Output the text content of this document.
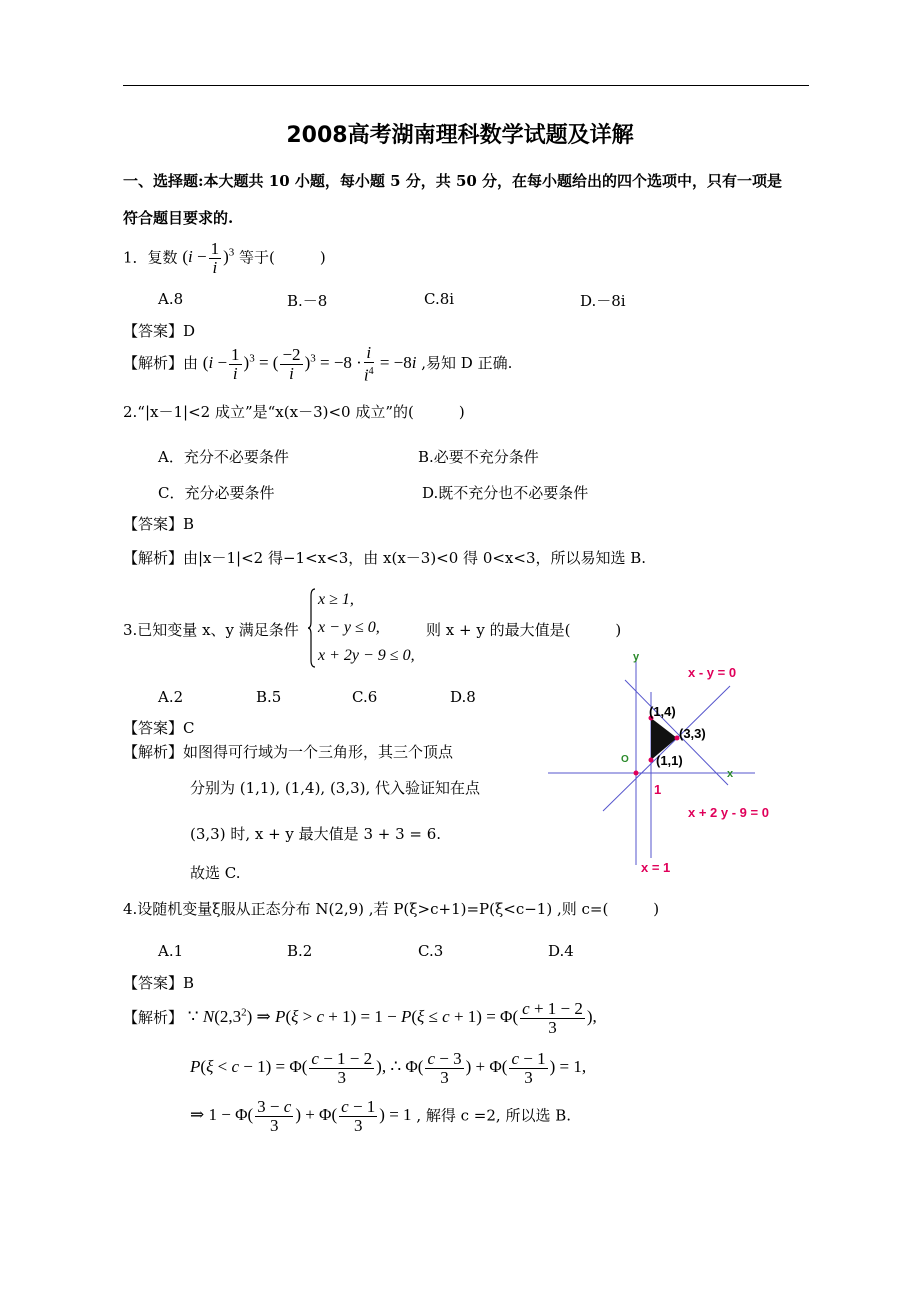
2008高考湖南理科数学试题及详解
一、选择题:本大题共 10 小题，每小题 5 分，共 50 分，在每小题给出的四个选项中，只有一项是
符合题目要求的.
1．复数 $(i - \frac{1}{i} )^3$ 等于(　　　)
A.8	B.－8	C.8i	D.－8i
【答案】D
【解析】由 $(i - \frac{1}{i} )^3$ = ( $\frac{-2}{i} )^3 = -8 \cdot \frac{i}{i^4} = -8i$ ,易知 D 正确.
2.“|x－1|<2 成立”是“x(x－3)<0 成立”的(　　　)
A．充分不必要条件	B.必要不充分条件
C．充分必要条件	D.既不充分也不必要条件
【答案】B
【解析】由|x－1|<2 得−1<x<3，由 x(x－3)<0 得 0<x<3，所以易知选 B.
3.已知变量 x、y 满足条件
x ≥ 1,
x − y ≤ 0,
x + 2y − 9 ≤ 0,
则 x + y 的最大值是(　　　)
A.2	B.5	C.6	D.8
【答案】C
【解析】如图得可行域为一个三角形，其三个顶点
分别为 (1,1), (1,4), (3,3), 代入验证知在点
(3,3) 时, x + y 最大值是 3 + 3 = 6.
故选 C.
x - y = 0
x + 2 y - 9 = 0
x = 1
(1,4)
(3,3)
(1,1)
1
O
x
y
4.设随机变量ξ服从正态分布 N(2,9) ,若 P(ξ>c+1)=P(ξ<c−1) ,则 c=(　　　)
A.1	B.2	C.3	D.4
【答案】B
【解析】 ∵ $N(2,3^2)$ ⇒ $P(\xi > c + 1) = 1 - P(\xi \le c + 1) = \Phi( \frac{c + 1 - 2}{3}$ ),
$P(\xi < c - 1) = \Phi( \frac{c - 1 - 2}{3}$ ), ∴ $\Phi( \frac{c - 3}{3}$ ) + $\Phi( \frac{c - 1}{3}$ ) = 1,
⇒ $1 - \Phi( \frac{3 - c}{3}$ ) + $\Phi( \frac{c - 1}{3}$ ) = 1 , 解得 c =2, 所以选 B.
